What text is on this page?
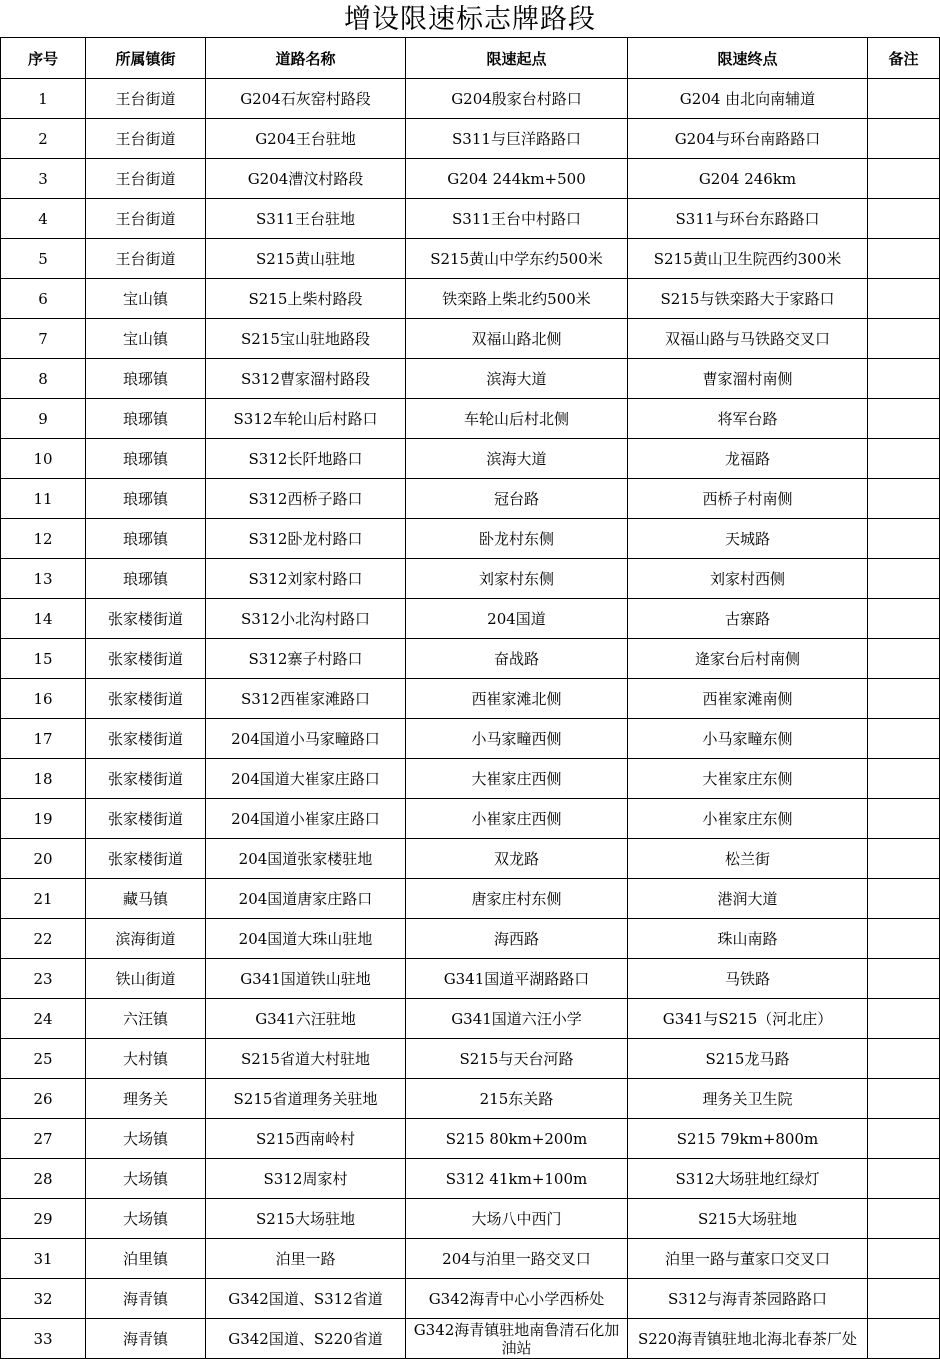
增设限速标志牌路段
序号	所属镇街	道路名称	限速起点	限速终点	备注
1	王台街道	G204石灰窑村路段	G204殷家台村路口	G204 由北向南辅道	
2	王台街道	G204王台驻地	S311与巨洋路路口	G204与环台南路路口	
3	王台街道	G204漕汶村路段	G204 244km+500	G204 246km	
4	王台街道	S311王台驻地	S311王台中村路口	S311与环台东路路口	
5	王台街道	S215黄山驻地	S215黄山中学东约500米	S215黄山卫生院西约300米	
6	宝山镇	S215上柴村路段	铁栾路上柴北约500米	S215与铁栾路大于家路口	
7	宝山镇	S215宝山驻地路段	双福山路北侧	双福山路与马铁路交叉口	
8	琅琊镇	S312曹家溜村路段	滨海大道	曹家溜村南侧	
9	琅琊镇	S312车轮山后村路口	车轮山后村北侧	将军台路	
10	琅琊镇	S312长阡地路口	滨海大道	龙福路	
11	琅琊镇	S312西桥子路口	冠台路	西桥子村南侧	
12	琅琊镇	S312卧龙村路口	卧龙村东侧	天城路	
13	琅琊镇	S312刘家村路口	刘家村东侧	刘家村西侧	
14	张家楼街道	S312小北沟村路口	204国道	古寨路	
15	张家楼街道	S312寨子村路口	奋战路	逄家台后村南侧	
16	张家楼街道	S312西崔家滩路口	西崔家滩北侧	西崔家滩南侧	
17	张家楼街道	204国道小马家疃路口	小马家疃西侧	小马家疃东侧	
18	张家楼街道	204国道大崔家庄路口	大崔家庄西侧	大崔家庄东侧	
19	张家楼街道	204国道小崔家庄路口	小崔家庄西侧	小崔家庄东侧	
20	张家楼街道	204国道张家楼驻地	双龙路	松兰街	
21	藏马镇	204国道唐家庄路口	唐家庄村东侧	港润大道	
22	滨海街道	204国道大珠山驻地	海西路	珠山南路	
23	铁山街道	G341国道铁山驻地	G341国道平湖路路口	马铁路	
24	六汪镇	G341六汪驻地	G341国道六汪小学	G341与S215（河北庄）	
25	大村镇	S215省道大村驻地	S215与天台河路	S215龙马路	
26	理务关	S215省道理务关驻地	215东关路	理务关卫生院	
27	大场镇	S215西南岭村	S215 80km+200m	S215 79km+800m	
28	大场镇	S312周家村	S312 41km+100m	S312大场驻地红绿灯	
29	大场镇	S215大场驻地	大场八中西门	S215大场驻地	
31	泊里镇	泊里一路	204与泊里一路交叉口	泊里一路与董家口交叉口	
32	海青镇	G342国道、S312省道	G342海青中心小学西桥处	S312与海青茶园路路口	
33	海青镇	G342国道、S220省道	G342海青镇驻地南鲁清石化加油站	S220海青镇驻地北海北春茶厂处	
